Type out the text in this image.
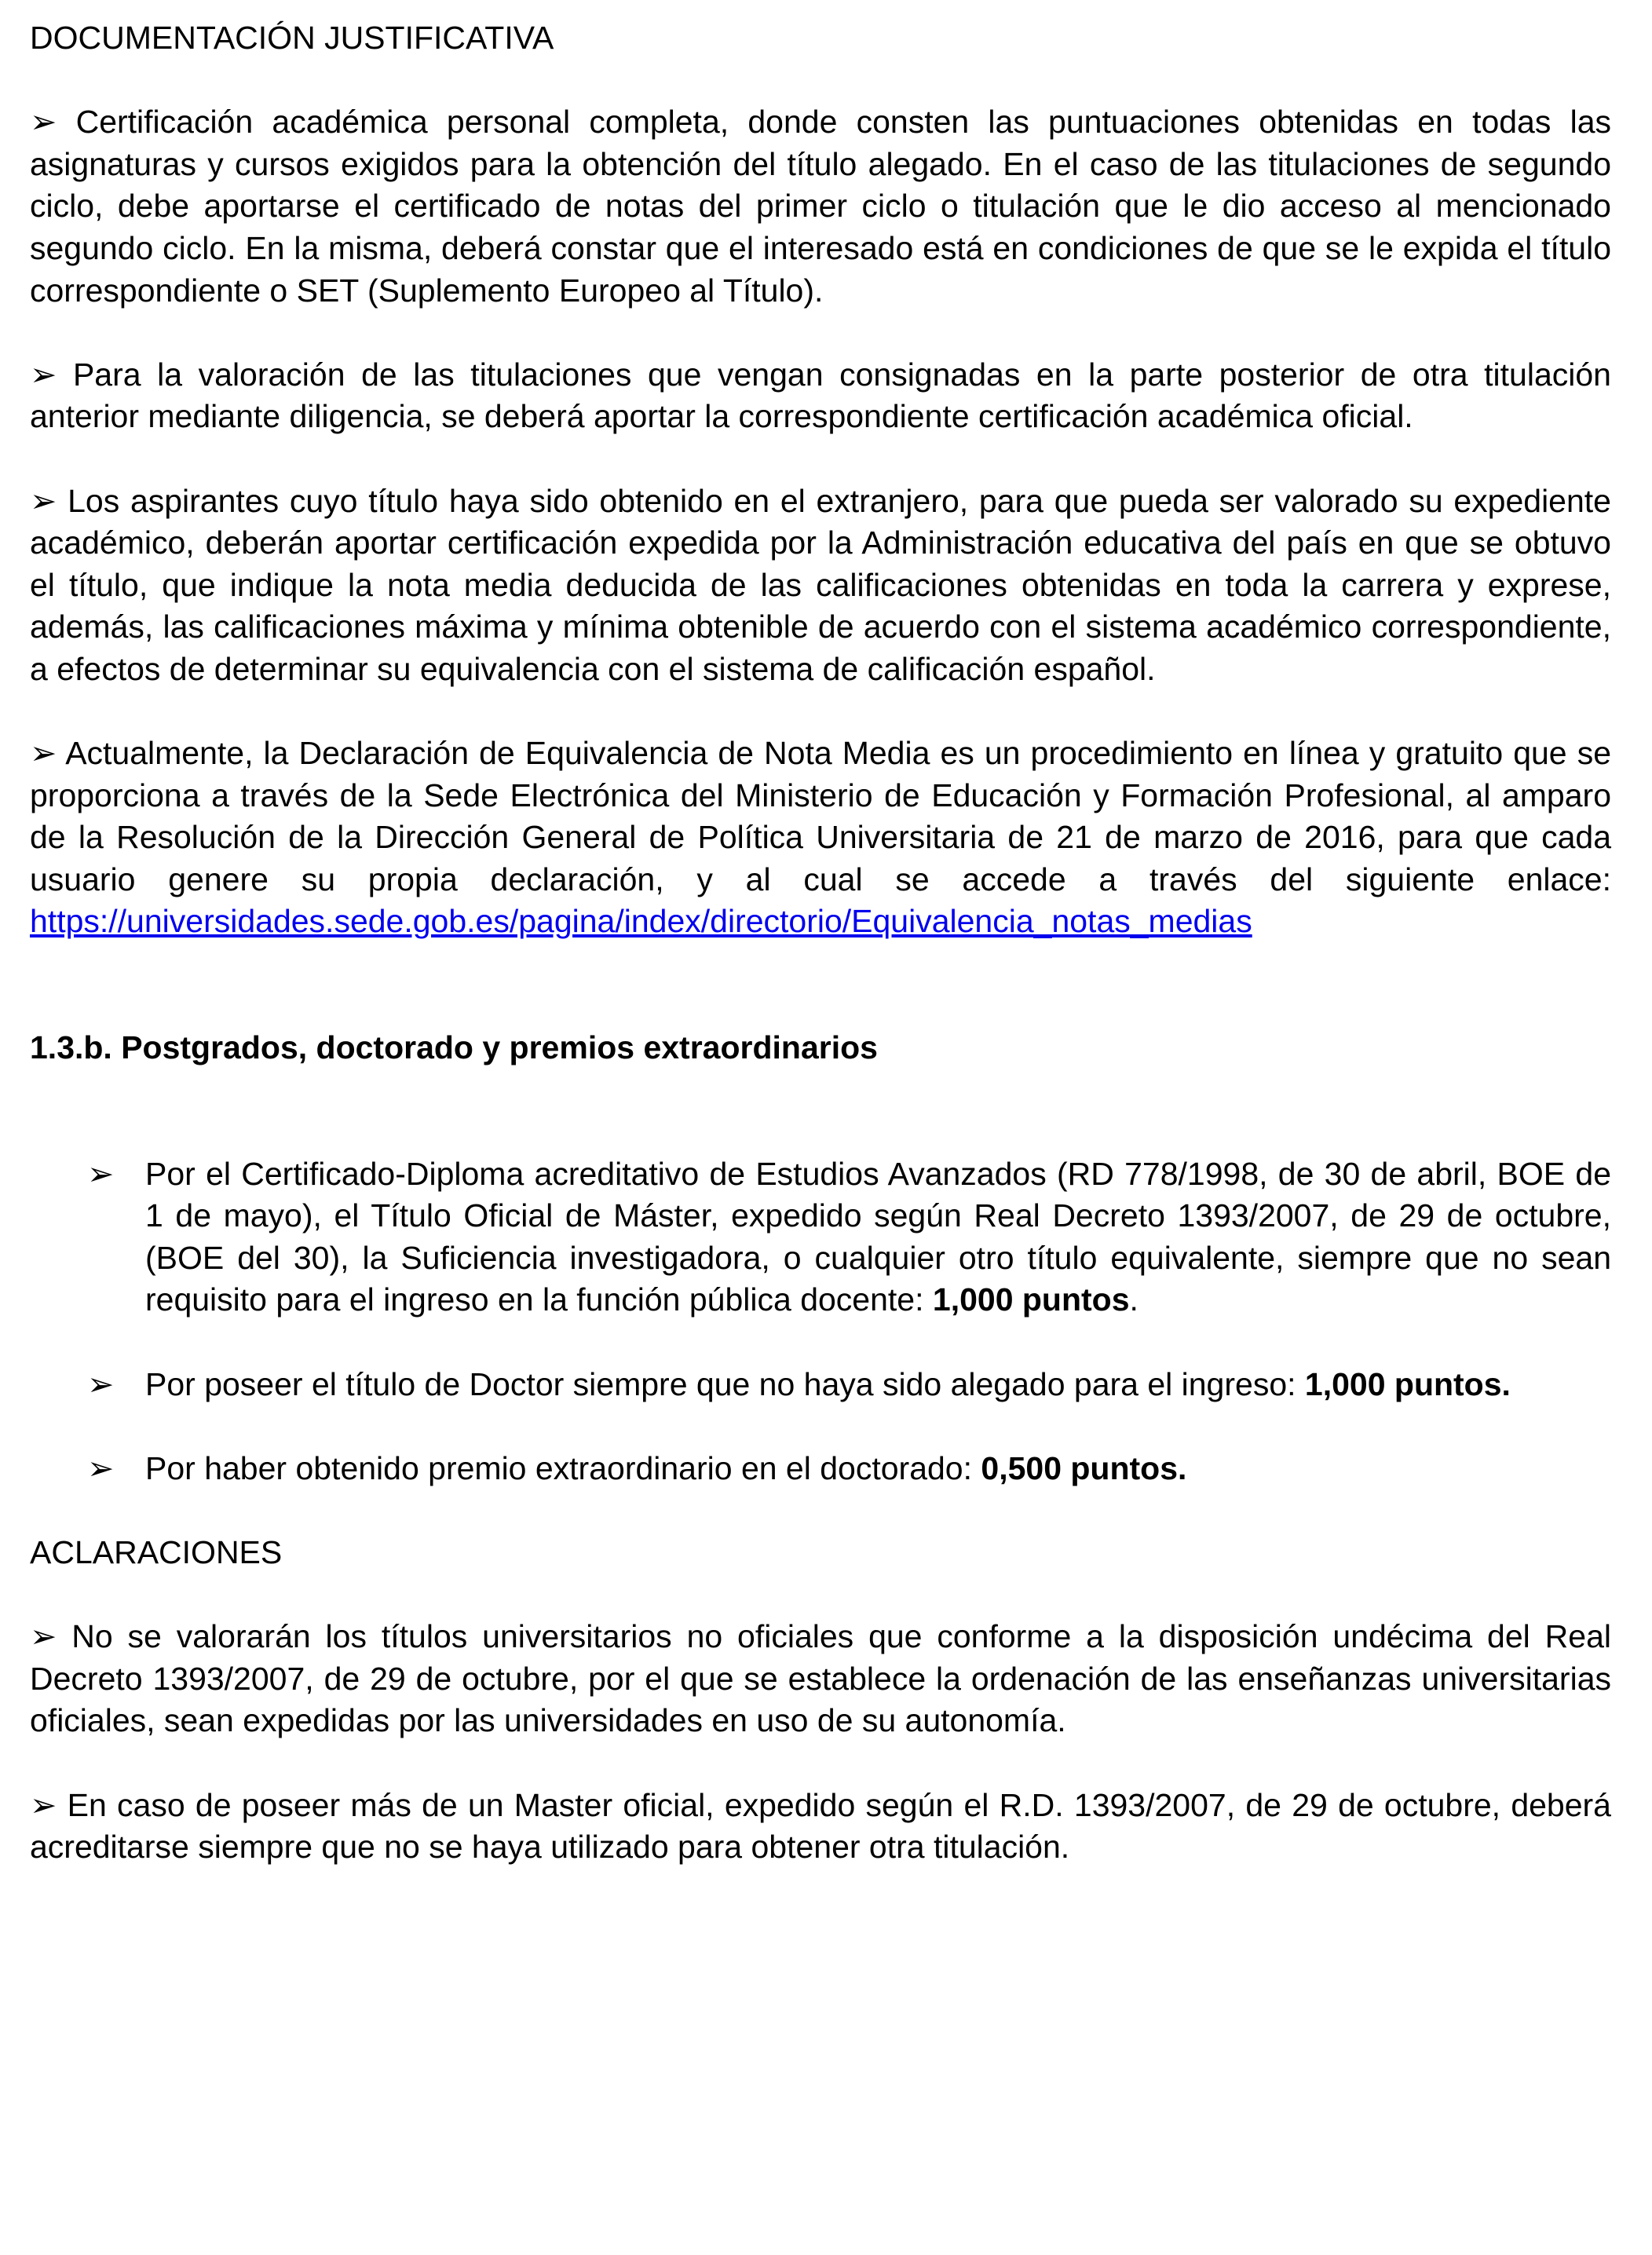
DOCUMENTACIÓN JUSTIFICATIVA

➢ Certificación académica personal completa, donde consten las puntuaciones obtenidas en todas las asignaturas y cursos exigidos para la obtención del título alegado. En el caso de las titulaciones de segundo ciclo, debe aportarse el certificado de notas del primer ciclo o titulación que le dio acceso al mencionado segundo ciclo. En la misma, deberá constar que el interesado está en condiciones de que se le expida el título correspondiente o SET (Suplemento Europeo al Título).

➢ Para la valoración de las titulaciones que vengan consignadas en la parte posterior de otra titulación anterior mediante diligencia, se deberá aportar la correspondiente certificación académica oficial.

➢ Los aspirantes cuyo título haya sido obtenido en el extranjero, para que pueda ser valorado su expediente académico, deberán aportar certificación expedida por la Administración educativa del país en que se obtuvo el título, que indique la nota media deducida de las calificaciones obtenidas en toda la carrera y exprese, además, las calificaciones máxima y mínima obtenible de acuerdo con el sistema académico correspondiente, a efectos de determinar su equivalencia con el sistema de calificación español.

➢ Actualmente, la Declaración de Equivalencia de Nota Media es un procedimiento en línea y gratuito que se proporciona a través de la Sede Electrónica del Ministerio de Educación y Formación Profesional, al amparo de la Resolución de la Dirección General de Política Universitaria de 21 de marzo de 2016, para que cada usuario genere su propia declaración, y al cual se accede a través del siguiente enlace: https://universidades.sede.gob.es/pagina/index/directorio/Equivalencia_notas_medias

1.3.b. Postgrados, doctorado y premios extraordinarios
➢ Por el Certificado-Diploma acreditativo de Estudios Avanzados (RD 778/1998, de 30 de abril, BOE de 1 de mayo), el Título Oficial de Máster, expedido según Real Decreto 1393/2007, de 29 de octubre, (BOE del 30), la Suficiencia investigadora, o cualquier otro título equivalente, siempre que no sean requisito para el ingreso en la función pública docente: 1,000 puntos.
➢ Por poseer el título de Doctor siempre que no haya sido alegado para el ingreso: 1,000 puntos.
➢ Por haber obtenido premio extraordinario en el doctorado: 0,500 puntos.
ACLARACIONES

➢ No se valorarán los títulos universitarios no oficiales que conforme a la disposición undécima del Real Decreto 1393/2007, de 29 de octubre, por el que se establece la ordenación de las enseñanzas universitarias oficiales, sean expedidas por las universidades en uso de su autonomía.

➢ En caso de poseer más de un Master oficial, expedido según el R.D. 1393/2007, de 29 de octubre, deberá acreditarse siempre que no se haya utilizado para obtener otra titulación.
